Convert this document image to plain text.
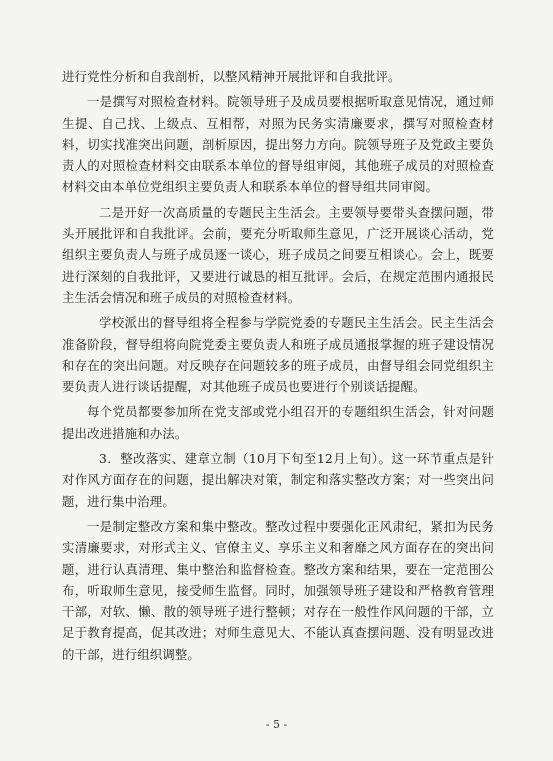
进行党性分析和自我剖析，以整风精神开展批评和自我批评。

一是撰写对照检查材料。院领导班子及成员要根据听取意见情况，通过师生提、自己找、上级点、互相帮，对照为民务实清廉要求，撰写对照检查材料，切实找准突出问题，剖析原因，提出努力方向。院领导班子及党政主要负责人的对照检查材料交由联系本单位的督导组审阅，其他班子成员的对照检查材料交由本单位党组织主要负责人和联系本单位的督导组共同审阅。

二是开好一次高质量的专题民主生活会。主要领导要带头查摆问题，带头开展批评和自我批评。会前，要充分听取师生意见，广泛开展谈心活动，党组织主要负责人与班子成员逐一谈心，班子成员之间要互相谈心。会上，既要进行深刻的自我批评，又要进行诚恳的相互批评。会后，在规定范围内通报民主生活会情况和班子成员的对照检查材料。

学校派出的督导组将全程参与学院党委的专题民主生活会。民主生活会准备阶段，督导组将向院党委主要负责人和班子成员通报掌握的班子建设情况和存在的突出问题。对反映存在问题较多的班子成员，由督导组会同党组织主要负责人进行谈话提醒，对其他班子成员也要进行个别谈话提醒。

每个党员都要参加所在党支部或党小组召开的专题组织生活会，针对问题提出改进措施和办法。

3．整改落实、建章立制（10月下旬至12月上旬）。这一环节重点是针对作风方面存在的问题，提出解决对策，制定和落实整改方案；对一些突出问题，进行集中治理。

一是制定整改方案和集中整改。整改过程中要强化正风肃纪，紧扣为民务实清廉要求，对形式主义、官僚主义、享乐主义和奢靡之风方面存在的突出问题，进行认真清理、集中整治和监督检查。整改方案和结果，要在一定范围公布，听取师生意见，接受师生监督。同时，加强领导班子建设和严格教育管理干部，对软、懒、散的领导班子进行整顿；对存在一般性作风问题的干部，立足于教育提高，促其改进；对师生意见大、不能认真查摆问题、没有明显改进的干部，进行组织调整。

- 5 -
